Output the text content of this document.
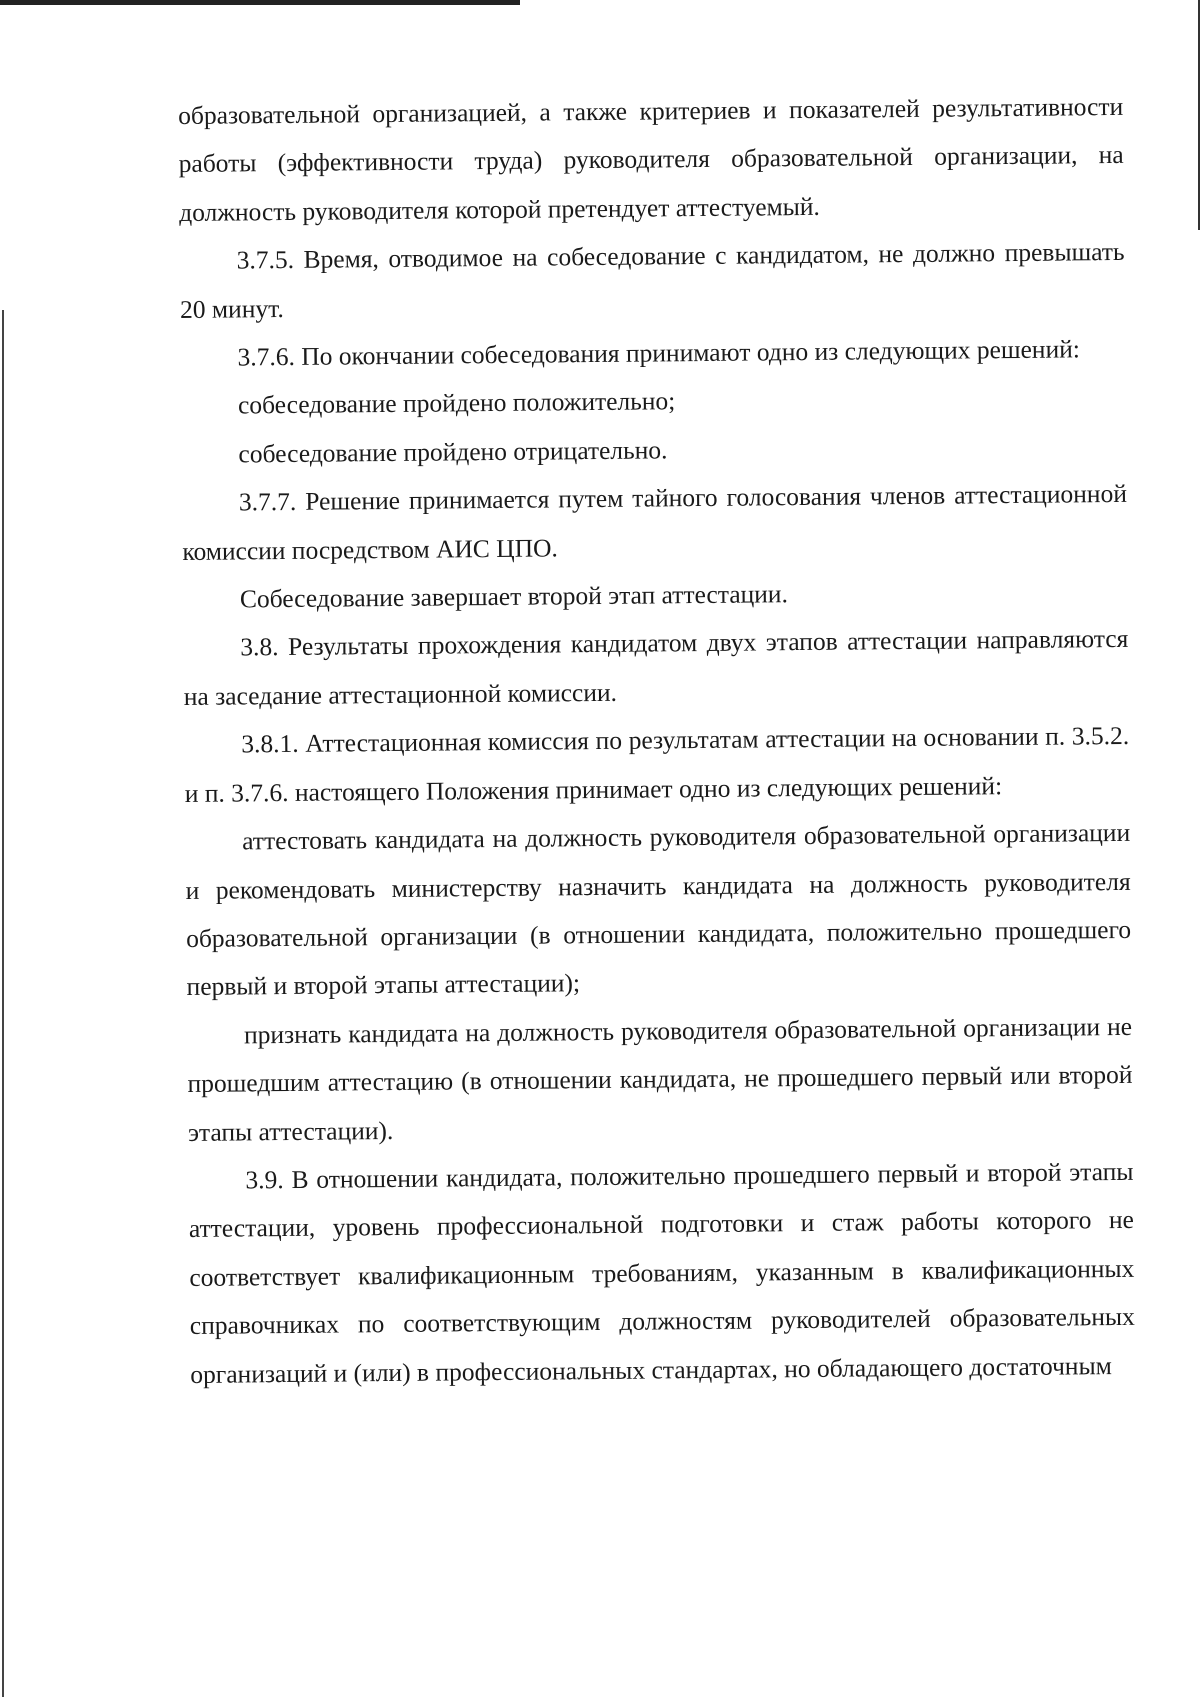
образовательной организацией, а также критериев и показателей результативности работы (эффективности труда) руководителя образовательной организации, на должность руководителя которой претендует аттестуемый.

3.7.5. Время, отводимое на собеседование с кандидатом, не должно превышать 20 минут.

3.7.6. По окончании собеседования принимают одно из следующих решений:

собеседование пройдено положительно;

собеседование пройдено отрицательно.

3.7.7. Решение принимается путем тайного голосования членов аттестационной комиссии посредством АИС ЦПО.

Собеседование завершает второй этап аттестации.

3.8. Результаты прохождения кандидатом двух этапов аттестации направляются на заседание аттестационной комиссии.

3.8.1. Аттестационная комиссия по результатам аттестации на основании п. 3.5.2. и п. 3.7.6. настоящего Положения принимает одно из следующих решений:

аттестовать кандидата на должность руководителя образовательной организации и рекомендовать министерству назначить кандидата на должность руководителя образовательной организации (в отношении кандидата, положительно прошедшего первый и второй этапы аттестации);

признать кандидата на должность руководителя образовательной организации не прошедшим аттестацию (в отношении кандидата, не прошедшего первый или второй этапы аттестации).

3.9. В отношении кандидата, положительно прошедшего первый и второй этапы аттестации, уровень профессиональной подготовки и стаж работы которого не соответствует квалификационным требованиям, указанным в квалификационных справочниках по соответствующим должностям руководителей образовательных организаций и (или) в профессиональных стандартах, но обладающего достаточным
